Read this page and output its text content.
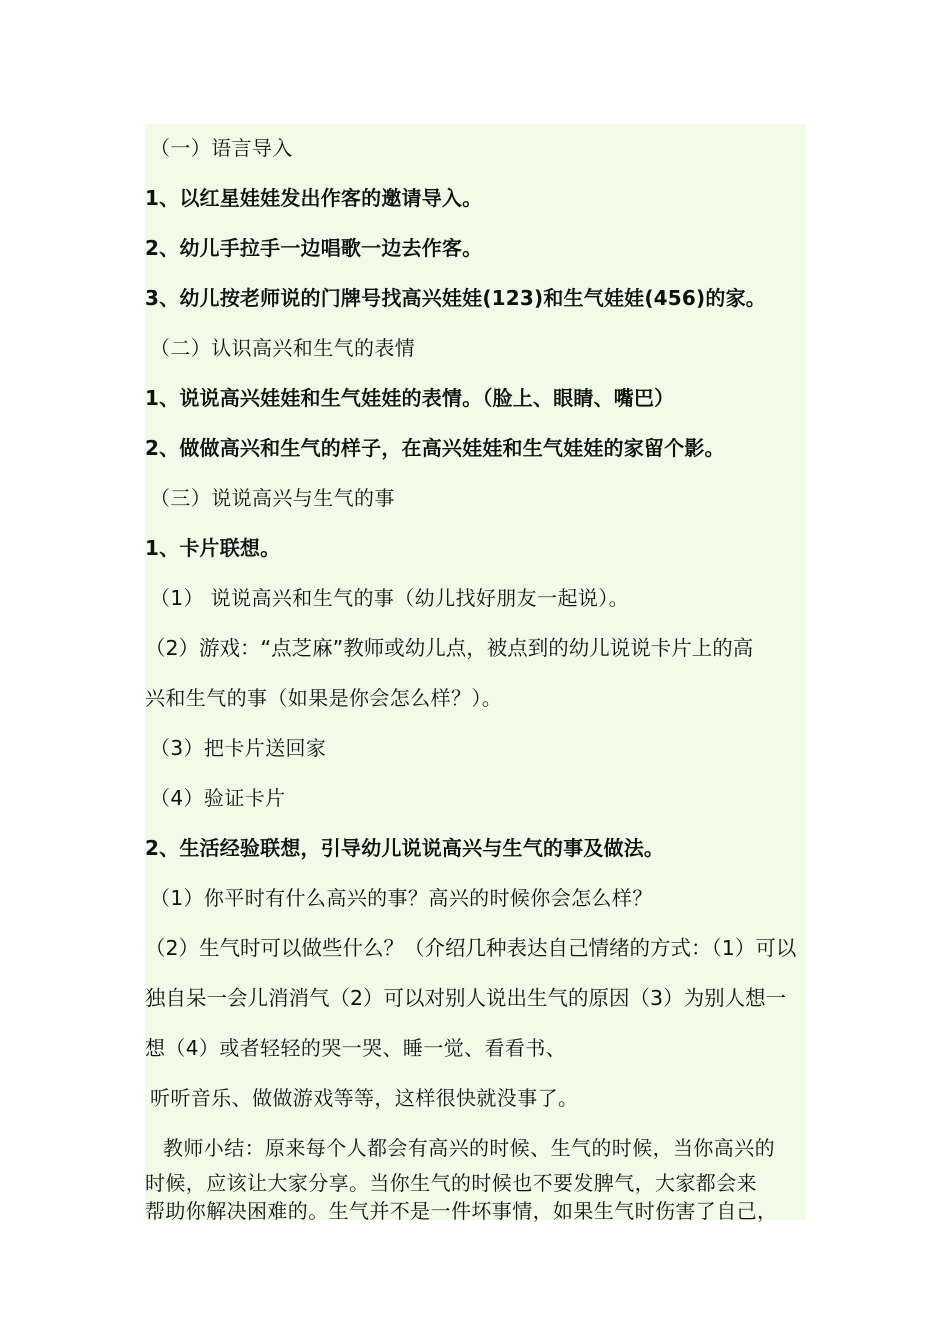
（一）语言导入
1、以红星娃娃发出作客的邀请导入。
2、幼儿手拉手一边唱歌一边去作客。
3、幼儿按老师说的门牌号找高兴娃娃(123)和生气娃娃(456)的家。
（二）认识高兴和生气的表情
1、说说高兴娃娃和生气娃娃的表情。（脸上、眼睛、嘴巴）
2、做做高兴和生气的样子，在高兴娃娃和生气娃娃的家留个影。
（三）说说高兴与生气的事
1、卡片联想。
（1） 说说高兴和生气的事（幼儿找好朋友一起说）。
（2）游戏：“点芝麻”教师或幼儿点，被点到的幼儿说说卡片上的高
兴和生气的事（如果是你会怎么样？）。
（3）把卡片送回家
（4）验证卡片
2、生活经验联想，引导幼儿说说高兴与生气的事及做法。
（1）你平时有什么高兴的事？高兴的时候你会怎么样？
（2）生气时可以做些什么？（介绍几种表达自己情绪的方式：（1）可以
独自呆一会儿消消气（2）可以对别人说出生气的原因（3）为别人想一
想（4）或者轻轻的哭一哭、睡一觉、看看书、
听听音乐、做做游戏等等，这样很快就没事了。
教师小结：原来每个人都会有高兴的时候、生气的时候，当你高兴的
时候，应该让大家分享。当你生气的时候也不要发脾气，大家都会来
帮助你解决困难的。生气并不是一件坏事情，如果生气时伤害了自己，
